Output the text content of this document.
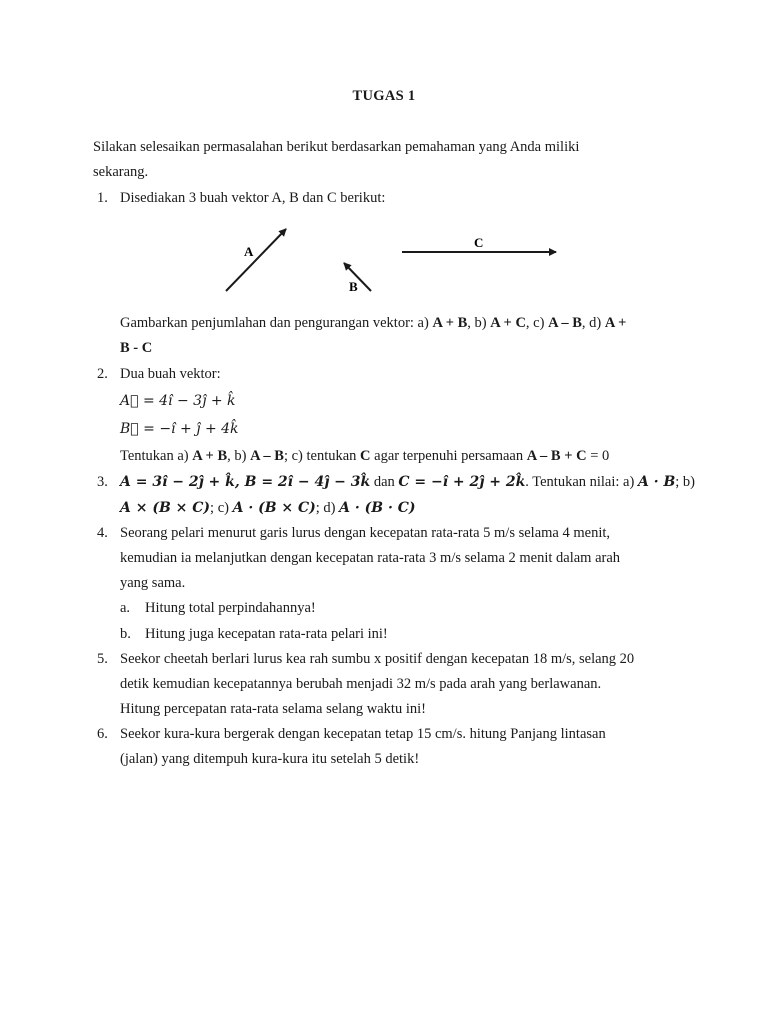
TUGAS 1
Silakan selesaikan permasalahan berikut berdasarkan pemahaman yang Anda miliki
sekarang.
1. Disediakan 3 buah vektor A, B dan C berikut:
A
B
C
Gambarkan penjumlahan dan pengurangan vektor: a) A + B, b) A + C, c) A – B, d) A +
B - C
2. Dua buah vektor:
A⃗ = 4ı̂ − 3ȷ̂ + k̂
B⃗ = −ı̂ + ȷ̂ + 4k̂
Tentukan a) A + B, b) A – B; c) tentukan C agar terpenuhi persamaan A – B + C = 0
3. A = 3ı̂ − 2ȷ̂ + k̂, B = 2ı̂ − 4ȷ̂ − 3k̂ dan C = −ı̂ + 2ȷ̂ + 2k̂. Tentukan nilai: a) A · B; b)
A × (B × C); c) A · (B × C); d) A · (B · C)
4. Seorang pelari menurut garis lurus dengan kecepatan rata-rata 5 m/s selama 4 menit,
kemudian ia melanjutkan dengan kecepatan rata-rata 3 m/s selama 2 menit dalam arah
yang sama.
a. Hitung total perpindahannya!
b. Hitung juga kecepatan rata-rata pelari ini!
5. Seekor cheetah berlari lurus kea rah sumbu x positif dengan kecepatan 18 m/s, selang 20
detik kemudian kecepatannya berubah menjadi 32 m/s pada arah yang berlawanan.
Hitung percepatan rata-rata selama selang waktu ini!
6. Seekor kura-kura bergerak dengan kecepatan tetap 15 cm/s. hitung Panjang lintasan
(jalan) yang ditempuh kura-kura itu setelah 5 detik!
